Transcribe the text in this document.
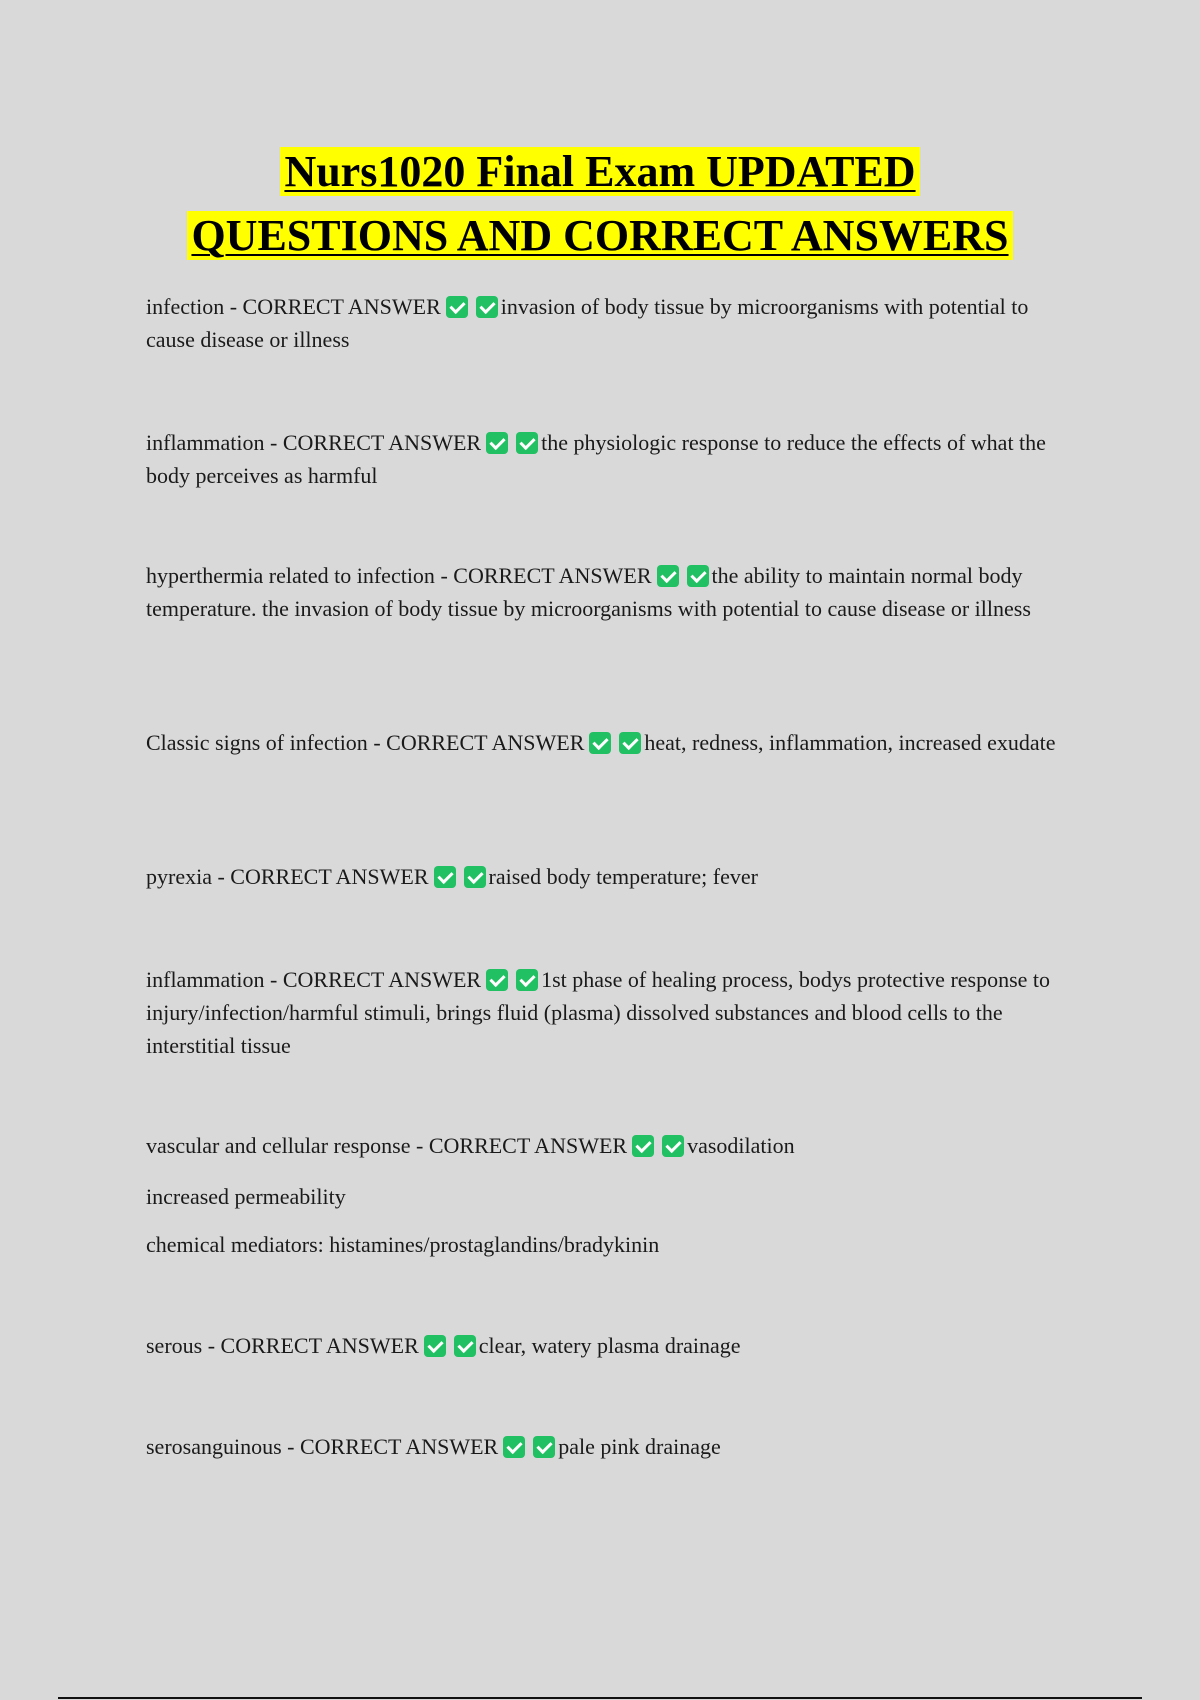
Nurs1020 Final Exam UPDATED
QUESTIONS AND CORRECT ANSWERS

infection - CORRECT ANSWER	invasion of body tissue by microorganisms with potential to cause disease or illness

inflammation - CORRECT ANSWER	the physiologic response to reduce the effects of what the body perceives as harmful

hyperthermia related to infection - CORRECT ANSWER	the ability to maintain normal body temperature. the invasion of body tissue by microorganisms with potential to cause disease or illness

Classic signs of infection - CORRECT ANSWER	heat, redness, inflammation, increased exudate

pyrexia - CORRECT ANSWER	raised body temperature; fever

inflammation - CORRECT ANSWER	1st phase of healing process, bodys protective response to injury/infection/harmful stimuli, brings fluid (plasma) dissolved substances and blood cells to the interstitial tissue

vascular and cellular response - CORRECT ANSWER	vasodilation

increased permeability

chemical mediators: histamines/prostaglandins/bradykinin

serous - CORRECT ANSWER	clear, watery plasma drainage

serosanguinous - CORRECT ANSWER	pale pink drainage
